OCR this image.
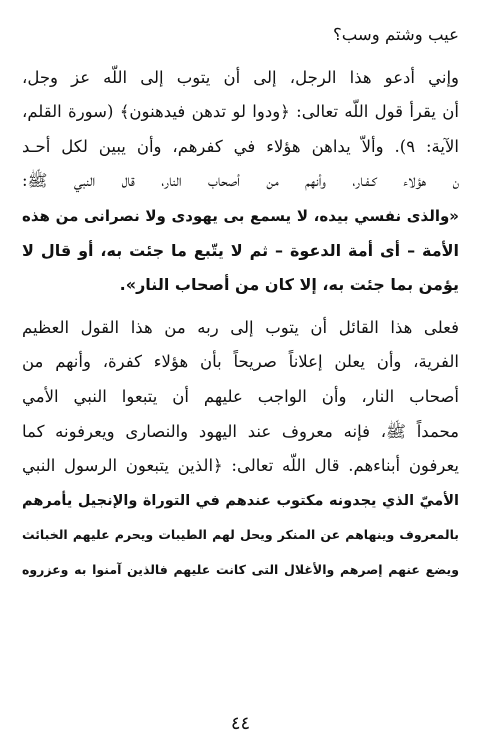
عيب وشتم وسب؟
وإني أدعو هذا الرجل، إلى أن يتوب إلى اللّه عز وجل،
أن يقرأ قول اللّه تعالى: ﴿ودوا لو تدهن فيدهنون﴾ (سورة القلم،
الآية: ٩). وألاّ يداهن هؤلاء في كفرهم، وأن يبين لكل أحـد
ن هؤلاء كـفـار، وأنهم من أصحاب النار، قال النبي ﷺ:
«والذى نفسي بيده، لا يسمع بى يهودى ولا نصرانى من هذه
الأمة – أى أمة الدعوة – ثم لا يتّبع ما جئت به، أو قال لا
يؤمن بما جئت به، إلا كان من أصحاب النار».
فعلى هذا القائل أن يتوب إلى ربه من هذا القول العظيم
الفرية، وأن يعلن إعلاناً صريحاً بأن هؤلاء كفرة، وأنهم من
أصحاب النار، وأن الواجب عليهم أن يتبعوا النبي الأمي
محمداً ﷺ، فإنه معروف عند اليهود والنصارى ويعرفونه كما
يعرفون أبناءهم. قال اللّه تعالى: ﴿الذين يتبعون الرسول النبي
الأميّ الذي يجدونه مكتوب عندهم في التوراة والإنجيل يأمرهم
بالمعروف وينهاهم عن المنكر ويحل لهم الطيبات ويحرم عليهم الخبائث
ويضع عنهم إصرهم والأغلال التى كانت عليهم فالذين آمنوا به وعزروه
٤٤
